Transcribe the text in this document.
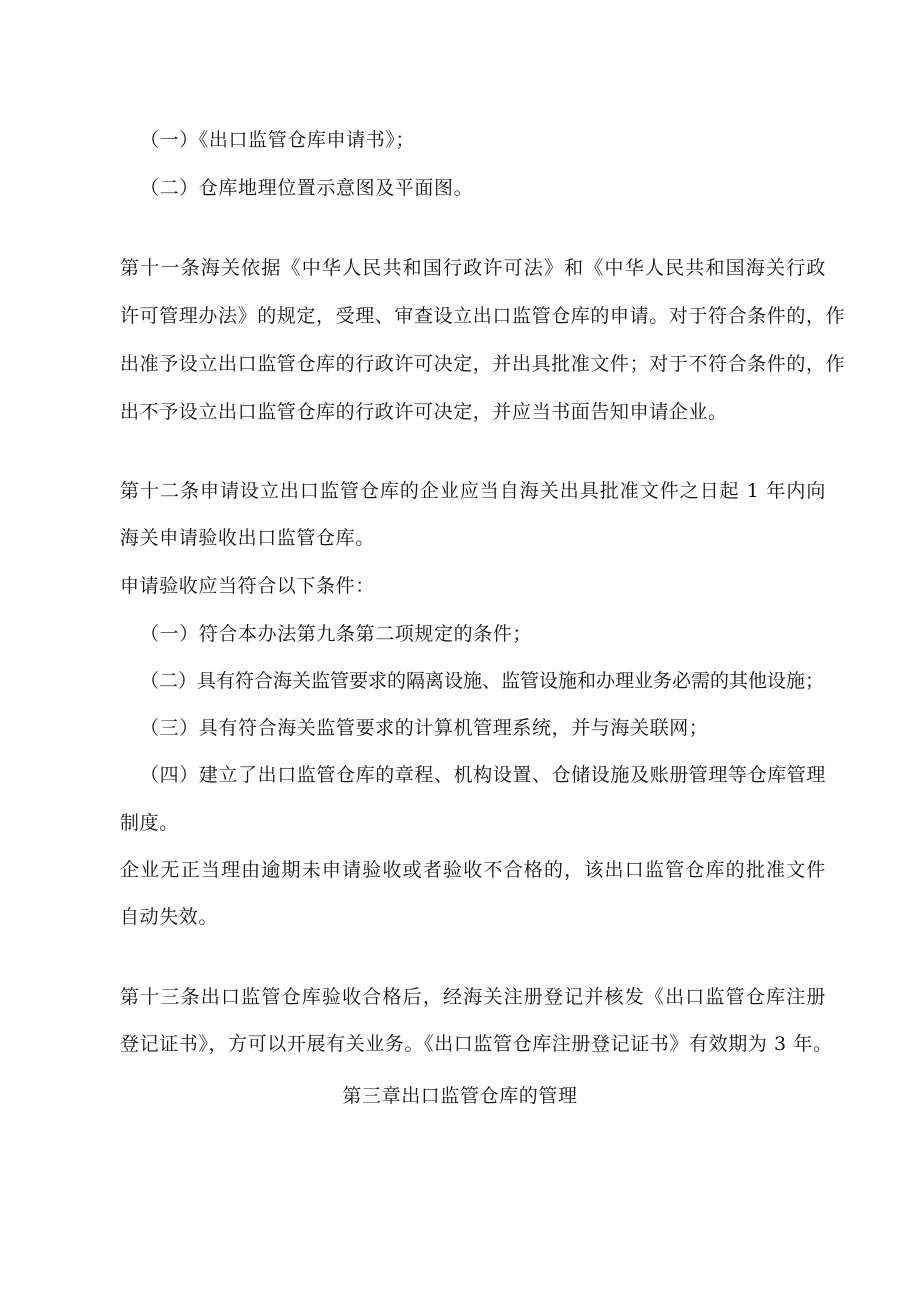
（一）《出口监管仓库申请书》；
（二）仓库地理位置示意图及平面图。
第十一条海关依据《中华人民共和国行政许可法》和《中华人民共和国海关行政
许可管理办法》的规定，受理、审查设立出口监管仓库的申请。对于符合条件的，作
出准予设立出口监管仓库的行政许可决定，并出具批准文件；对于不符合条件的，作
出不予设立出口监管仓库的行政许可决定，并应当书面告知申请企业。
第十二条申请设立出口监管仓库的企业应当自海关出具批准文件之日起 1 年内向
海关申请验收出口监管仓库。
申请验收应当符合以下条件：
（一）符合本办法第九条第二项规定的条件；
（二）具有符合海关监管要求的隔离设施、监管设施和办理业务必需的其他设施；
（三）具有符合海关监管要求的计算机管理系统，并与海关联网；
（四）建立了出口监管仓库的章程、机构设置、仓储设施及账册管理等仓库管理
制度。
企业无正当理由逾期未申请验收或者验收不合格的，该出口监管仓库的批准文件
自动失效。
第十三条出口监管仓库验收合格后，经海关注册登记并核发《出口监管仓库注册
登记证书》，方可以开展有关业务。《出口监管仓库注册登记证书》有效期为 3 年。
第三章出口监管仓库的管理
